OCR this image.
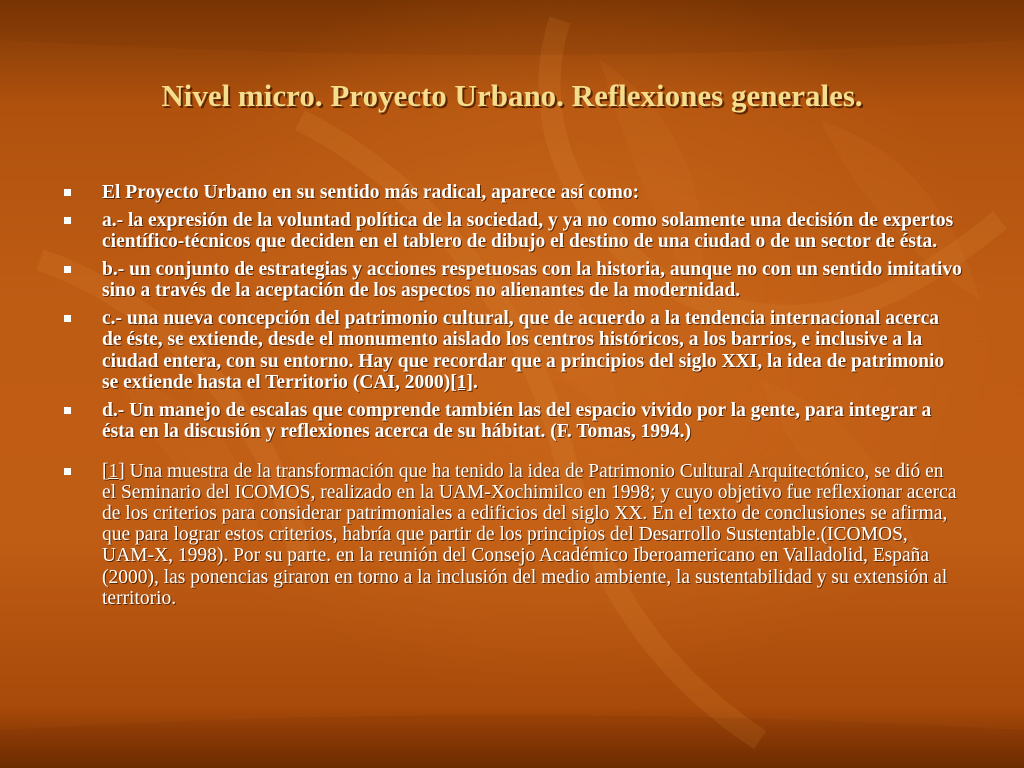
Nivel micro. Proyecto Urbano. Reflexiones generales.
El Proyecto Urbano en su sentido más radical, aparece así como:
a.- la expresión de la voluntad política de la sociedad, y ya no como solamente una decisión de expertos científico-técnicos que deciden en el tablero de dibujo el destino de una ciudad o de un sector de ésta.
b.- un conjunto de estrategias y acciones respetuosas con la historia, aunque no con un sentido imitativo sino a través de la aceptación de los aspectos no alienantes de la modernidad.
c.- una nueva concepción del patrimonio cultural, que de acuerdo a la tendencia internacional acerca de éste, se extiende, desde el monumento aislado los centros históricos, a los barrios, e inclusive a la ciudad entera, con su entorno. Hay que recordar que a principios del siglo XXI, la idea de patrimonio se extiende hasta el Territorio (CAI, 2000)[1].
d.- Un manejo de escalas que comprende también las del espacio vivido por la gente, para integrar a ésta en la discusión y reflexiones acerca de su hábitat. (F. Tomas, 1994.)
[1] Una muestra de la transformación que ha tenido la idea de Patrimonio Cultural Arquitectónico, se dió en el Seminario del ICOMOS, realizado en la UAM-Xochimilco en 1998; y cuyo objetivo fue reflexionar acerca de los criterios para considerar patrimoniales a edificios del siglo XX. En el texto de conclusiones se afirma, que para lograr estos criterios, habría que partir de los principios del Desarrollo Sustentable.(ICOMOS, UAM-X, 1998). Por su parte. en la reunión del Consejo Académico Iberoamericano en Valladolid, España (2000), las ponencias giraron en torno a la inclusión del medio ambiente, la sustentabilidad y su extensión al territorio.
